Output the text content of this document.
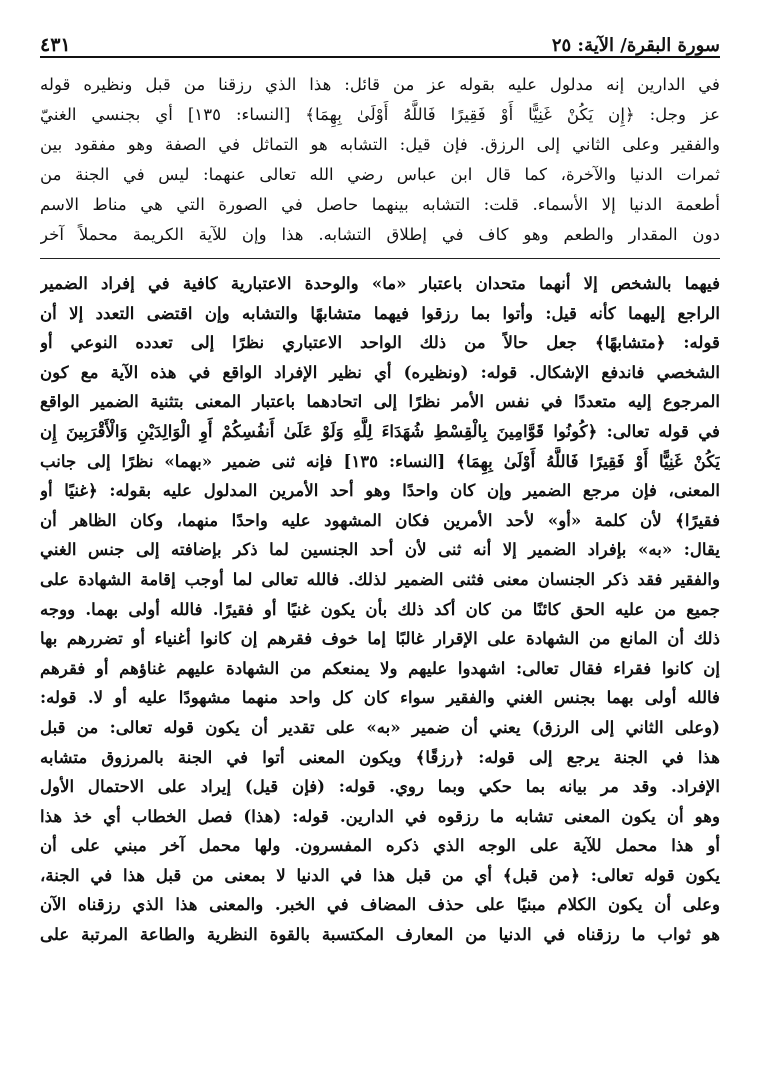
سورة البقرة/ الآية: ٢٥
٤٣١
في الدارين إنه مدلول عليه بقوله عز من قائل: هذا الذي رزقنا من قبل ونظيره قوله
عز وجل: ﴿إِن يَكُنْ غَنِيًّا أَوْ فَقِيرًا فَاللَّهُ أَوْلَىٰ بِهِمَا﴾ [النساء: ١٣٥] أي بجنسي الغنيّ
والفقير وعلى الثاني إلى الرزق. فإن قيل: التشابه هو التماثل في الصفة وهو مفقود بين
ثمرات الدنيا والآخرة، كما قال ابن عباس رضي الله تعالى عنهما: ليس في الجنة من
أطعمة الدنيا إلا الأسماء. قلت: التشابه بينهما حاصل في الصورة التي هي مناط الاسم
دون المقدار والطعم وهو كاف في إطلاق التشابه. هذا وإن للآية الكريمة محملاً آخر
فيهما بالشخص إلا أنهما متحدان باعتبار «ما» والوحدة الاعتبارية كافية في إفراد الضمير
الراجع إليهما كأنه قيل: وأتوا بما رزقوا فيهما متشابهًا والتشابه وإن اقتضى التعدد إلا أن
قوله: ﴿متشابهًا﴾ جعل حالاً من ذلك الواحد الاعتباري نظرًا إلى تعدده النوعي أو
الشخصي فاندفع الإشكال. قوله: (ونظيره) أي نظير الإفراد الواقع في هذه الآية مع كون
المرجوع إليه متعددًا في نفس الأمر نظرًا إلى اتحادهما باعتبار المعنى بتثنية الضمير الواقع
في قوله تعالى: ﴿كُونُوا قَوَّامِينَ بِالْقِسْطِ شُهَدَاءَ لِلَّهِ وَلَوْ عَلَىٰ أَنفُسِكُمْ أَوِ الْوَالِدَيْنِ وَالْأَقْرَبِينَ إِن
يَكُنْ غَنِيًّا أَوْ فَقِيرًا فَاللَّهُ أَوْلَىٰ بِهِمَا﴾ [النساء: ١٣٥] فإنه ثنى ضمير «بهما» نظرًا إلى جانب
المعنى، فإن مرجع الضمير وإن كان واحدًا وهو أحد الأمرين المدلول عليه بقوله: ﴿غنيًا أو
فقيرًا﴾ لأن كلمة «أو» لأحد الأمرين فكان المشهود عليه واحدًا منهما، وكان الظاهر أن
يقال: «به» بإفراد الضمير إلا أنه ثنى لأن أحد الجنسين لما ذكر بإضافته إلى جنس الغني
والفقير فقد ذكر الجنسان معنى فثنى الضمير لذلك. فالله تعالى لما أوجب إقامة الشهادة على
جميع من عليه الحق كائنًا من كان أكد ذلك بأن يكون غنيًا أو فقيرًا. فالله أولى بهما. ووجه
ذلك أن المانع من الشهادة على الإقرار غالبًا إما خوف فقرهم إن كانوا أغنياء أو تضررهم بها
إن كانوا فقراء فقال تعالى: اشهدوا عليهم ولا يمنعكم من الشهادة عليهم غناؤهم أو فقرهم
فالله أولى بهما بجنس الغني والفقير سواء كان كل واحد منهما مشهودًا عليه أو لا. قوله:
(وعلى الثاني إلى الرزق) يعني أن ضمير «به» على تقدير أن يكون قوله تعالى: من قبل
هذا في الجنة يرجع إلى قوله: ﴿رزقًا﴾ ويكون المعنى أتوا في الجنة بالمرزوق متشابه
الإفراد. وقد مر بيانه بما حكي وبما روي. قوله: (فإن قيل) إيراد على الاحتمال الأول
وهو أن يكون المعنى تشابه ما رزقوه في الدارين. قوله: (هذا) فصل الخطاب أي خذ هذا
أو هذا محمل للآية على الوجه الذي ذكره المفسرون. ولها محمل آخر مبني على أن
يكون قوله تعالى: ﴿من قبل﴾ أي من قبل هذا في الدنيا لا بمعنى من قبل هذا في الجنة،
وعلى أن يكون الكلام مبنيًا على حذف المضاف في الخبر. والمعنى هذا الذي رزقناه الآن
هو ثواب ما رزقناه في الدنيا من المعارف المكتسبة بالقوة النظرية والطاعة المرتبة على
